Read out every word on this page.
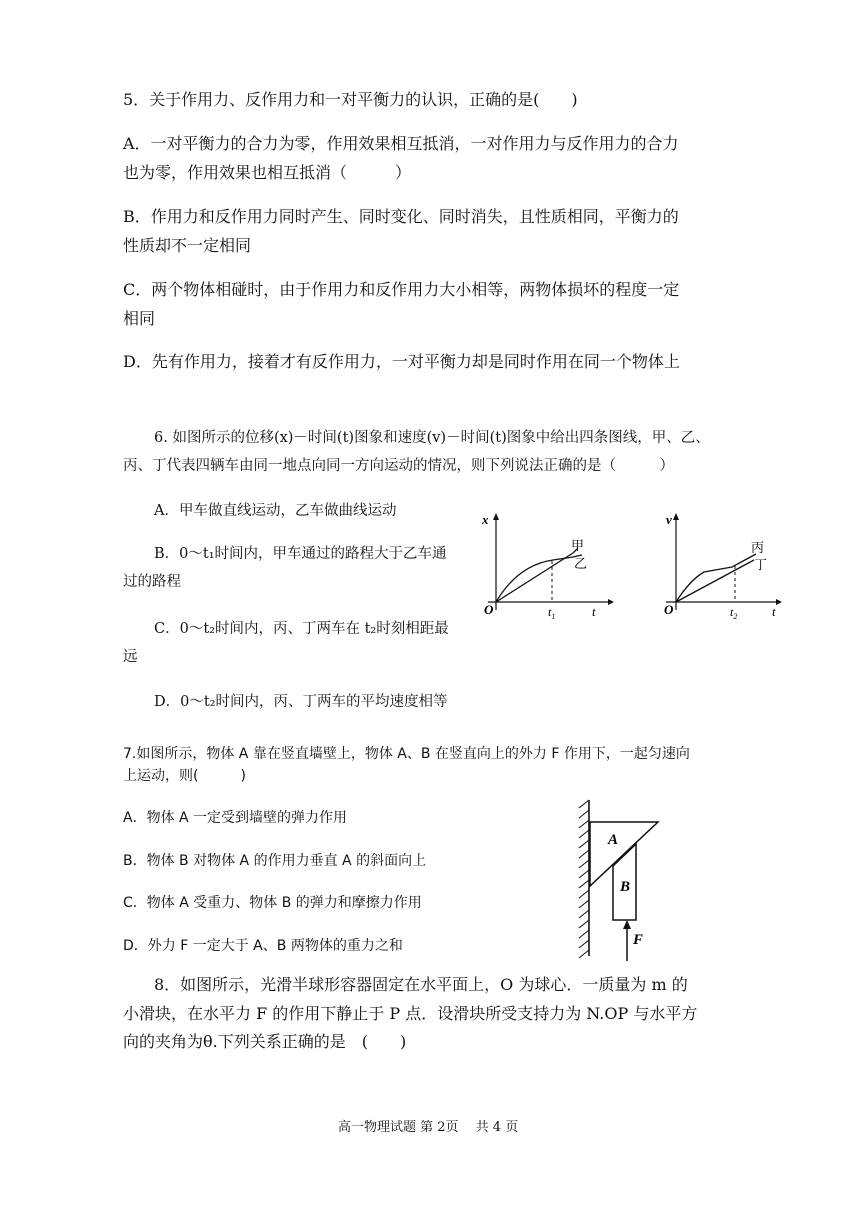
5．关于作用力、反作用力和一对平衡力的认识，正确的是(　　)
A．一对平衡力的合力为零，作用效果相互抵消，一对作用力与反作用力的合力
也为零，作用效果也相互抵消（　　　）
B．作用力和反作用力同时产生、同时变化、同时消失，且性质相同，平衡力的
性质却不一定相同
C．两个物体相碰时，由于作用力和反作用力大小相等，两物体损坏的程度一定
相同
D．先有作用力，接着才有反作用力，一对平衡力却是同时作用在同一个物体上
6. 如图所示的位移(x)－时间(t)图象和速度(v)－时间(t)图象中给出四条图线，甲、乙、
丙、丁代表四辆车由同一地点向同一方向运动的情况，则下列说法正确的是（　　　）
A．甲车做直线运动，乙车做曲线运动
B．0～t₁时间内，甲车通过的路程大于乙车通
过的路程
C．0～t₂时间内，丙、丁两车在 t₂时刻相距最
远
D．0～t₂时间内，丙、丁两车的平均速度相等
x
t
O	$t_1$
甲
乙
v
t
O	$t_2$
丙
丁
7.如图所示，物体 A 靠在竖直墙壁上，物体 A、B 在竖直向上的外力 F 作用下，一起匀速向
上运动，则(　　　)
A．物体 A 一定受到墙壁的弹力作用
B．物体 B 对物体 A 的作用力垂直 A 的斜面向上
C．物体 A 受重力、物体 B 的弹力和摩擦力作用
D．外力 F 一定大于 A、B 两物体的重力之和
A
B
F
8．如图所示，光滑半球形容器固定在水平面上，O 为球心．一质量为 m 的
小滑块，在水平力 F 的作用下静止于 P 点．设滑块所受支持力为 N.OP 与水平方
向的夹角为θ.下列关系正确的是　(　　)
高一物理试题 第 2页　 共 4 页
